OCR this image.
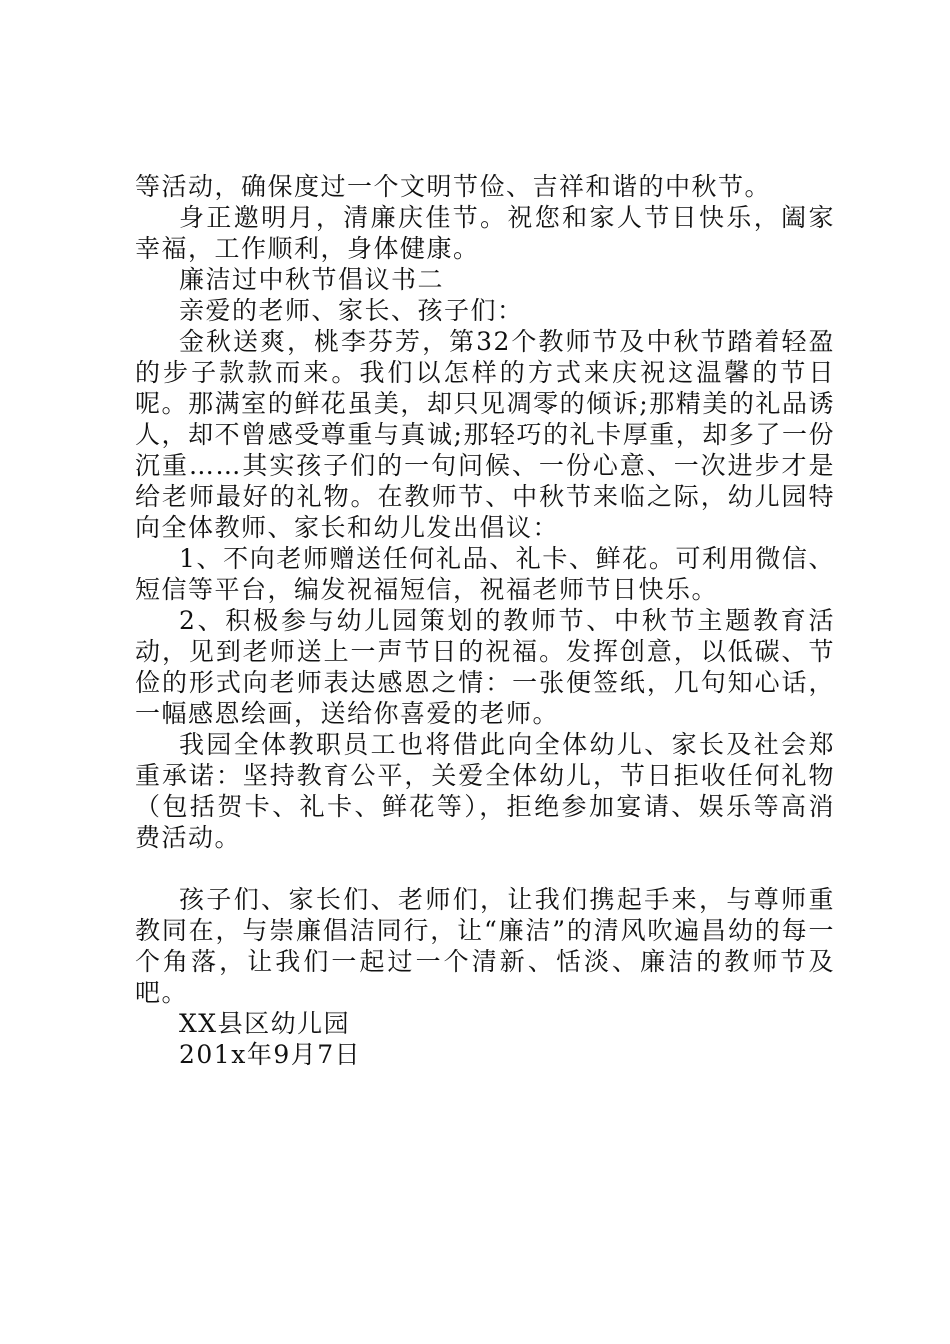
等活动，确保度过一个文明节俭、吉祥和谐的中秋节。

身正邀明月，清廉庆佳节。祝您和家人节日快乐，阖家幸福，工作顺利，身体健康。

廉洁过中秋节倡议书二

亲爱的老师、家长、孩子们：

金秋送爽，桃李芬芳，第32个教师节及中秋节踏着轻盈的步子款款而来。我们以怎样的方式来庆祝这温馨的节日呢。那满室的鲜花虽美，却只见凋零的倾诉;那精美的礼品诱人，却不曾感受尊重与真诚;那轻巧的礼卡厚重，却多了一份沉重……其实孩子们的一句问候、一份心意、一次进步才是给老师最好的礼物。在教师节、中秋节来临之际，幼儿园特向全体教师、家长和幼儿发出倡议：

1、不向老师赠送任何礼品、礼卡、鲜花。可利用微信、短信等平台，编发祝福短信，祝福老师节日快乐。

2、积极参与幼儿园策划的教师节、中秋节主题教育活动，见到老师送上一声节日的祝福。发挥创意，以低碳、节俭的形式向老师表达感恩之情：一张便签纸，几句知心话，一幅感恩绘画，送给你喜爱的老师。

我园全体教职员工也将借此向全体幼儿、家长及社会郑重承诺：坚持教育公平，关爱全体幼儿，节日拒收任何礼物（包括贺卡、礼卡、鲜花等），拒绝参加宴请、娱乐等高消费活动。

孩子们、家长们、老师们，让我们携起手来，与尊师重教同在，与崇廉倡洁同行，让“廉洁”的清风吹遍昌幼的每一个角落，让我们一起过一个清新、恬淡、廉洁的教师节及吧。

XX县区幼儿园

201x年9月7日
